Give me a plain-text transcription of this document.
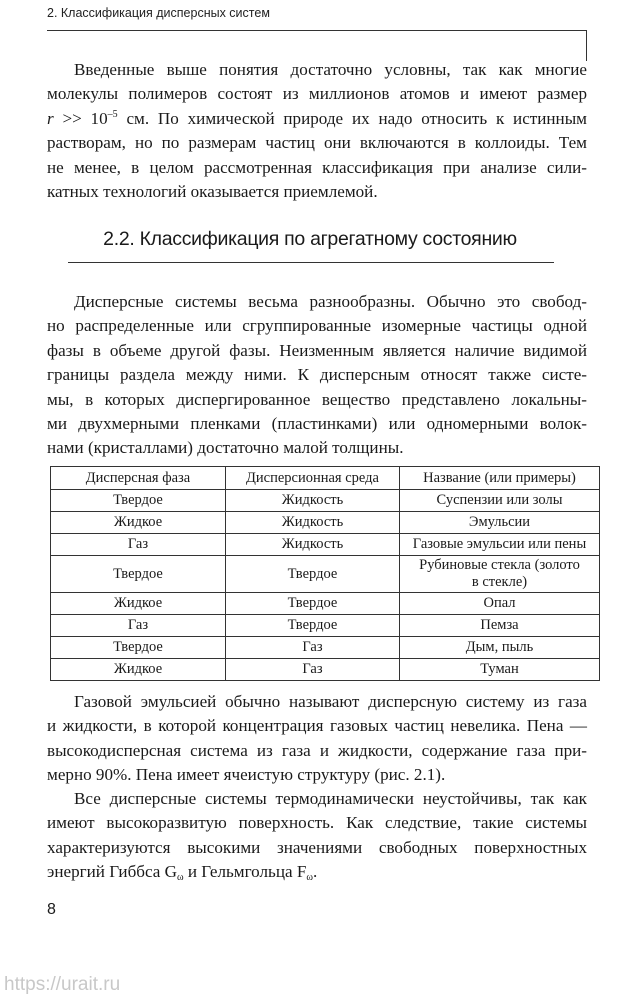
2. Классификация дисперсных систем
Введенные выше понятия достаточно условны, так как многие
молекулы полимеров состоят из миллионов атомов и имеют размер
$r >> 10^{-5}$ см. По химической природе их надо относить к истинным
растворам, но по размерам частиц они включаются в коллоиды. Тем
не менее, в целом рассмотренная классификация при анализе сили-
катных технологий оказывается приемлемой.
2.2. Классификация по агрегатному состоянию
Дисперсные системы весьма разнообразны. Обычно это свобод-
но распределенные или сгруппированные изомерные частицы одной
фазы в объеме другой фазы. Неизменным является наличие видимой
границы раздела между ними. К дисперсным относят также систе-
мы, в которых диспергированное вещество представлено локальны-
ми двухмерными пленками (пластинками) или одномерными волок-
нами (кристаллами) достаточно малой толщины.
Дисперсная фаза	Дисперсионная среда	Название (или примеры)
Твердое	Жидкость	Суспензии или золы
Жидкое	Жидкость	Эмульсии
Газ	Жидкость	Газовые эмульсии или пены
Твердое	Твердое	Рубиновые стекла (золото
в стекле)
Жидкое	Твердое	Опал
Газ	Твердое	Пемза
Твердое	Газ	Дым, пыль
Жидкое	Газ	Туман
Газовой эмульсией обычно называют дисперсную систему из газа
и жидкости, в которой концентрация газовых частиц невелика. Пена —
высокодисперсная система из газа и жидкости, содержание газа при-
мерно 90%. Пена имеет ячеистую структуру (рис. 2.1).
Все дисперсные системы термодинамически неустойчивы, так как
имеют высокоразвитую поверхность. Как следствие, такие системы
характеризуются высокими значениями свободных поверхностных
энергий Гиббса $G_\omega$ и Гельмгольца $F_\omega$.
8
https://urait.ru
